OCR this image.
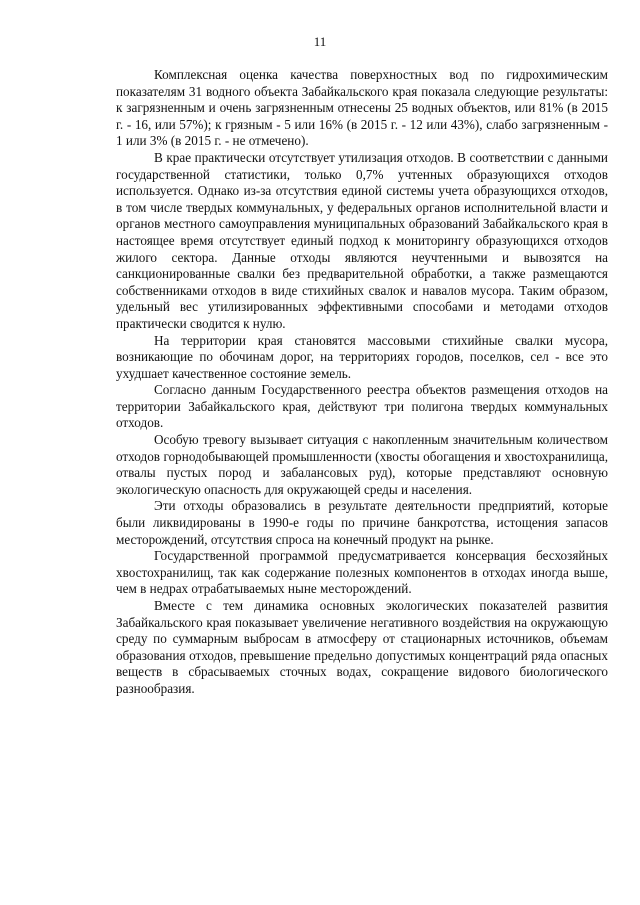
11

Комплексная оценка качества поверхностных вод по гидрохимическим показателям 31 водного объекта Забайкальского края показала следующие результаты: к загрязненным и очень загрязненным отнесены 25 водных объектов, или 81% (в 2015 г. - 16, или 57%); к грязным - 5 или 16% (в 2015 г. - 12 или 43%), слабо загрязненным - 1 или 3% (в 2015 г. - не отмечено).

В крае практически отсутствует утилизация отходов. В соответствии с данными государственной статистики, только 0,7% учтенных образующихся отходов используется. Однако из-за отсутствия единой системы учета образующихся отходов, в том числе твердых коммунальных, у федеральных органов исполнительной власти и органов местного самоуправления муниципальных образований Забайкальского края в настоящее время отсутствует единый подход к мониторингу образующихся отходов жилого сектора. Данные отходы являются неучтенными и вывозятся на санкционированные свалки без предварительной обработки, а также размещаются собственниками отходов в виде стихийных свалок и навалов мусора. Таким образом, удельный вес утилизированных эффективными способами и методами отходов практически сводится к нулю.

На территории края становятся массовыми стихийные свалки мусора, возникающие по обочинам дорог, на территориях городов, поселков, сел - все это ухудшает качественное состояние земель.

Согласно данным Государственного реестра объектов размещения отходов на территории Забайкальского края, действуют три полигона твердых коммунальных отходов.

Особую тревогу вызывает ситуация с накопленным значительным количеством отходов горнодобывающей промышленности (хвосты обогащения и хвостохранилища, отвалы пустых пород и забалансовых руд), которые представляют основную экологическую опасность для окружающей среды и населения.

Эти отходы образовались в результате деятельности предприятий, которые были ликвидированы в 1990-е годы по причине банкротства, истощения запасов месторождений, отсутствия спроса на конечный продукт на рынке.

Государственной программой предусматривается консервация бесхозяйных хвостохранилищ, так как содержание полезных компонентов в отходах иногда выше, чем в недрах отрабатываемых ныне месторождений.

Вместе с тем динамика основных экологических показателей развития Забайкальского края показывает увеличение негативного воздействия на окружающую среду по суммарным выбросам в атмосферу от стационарных источников, объемам образования отходов, превышение предельно допустимых концентраций ряда опасных веществ в сбрасываемых сточных водах, сокращение видового биологического разнообразия.
